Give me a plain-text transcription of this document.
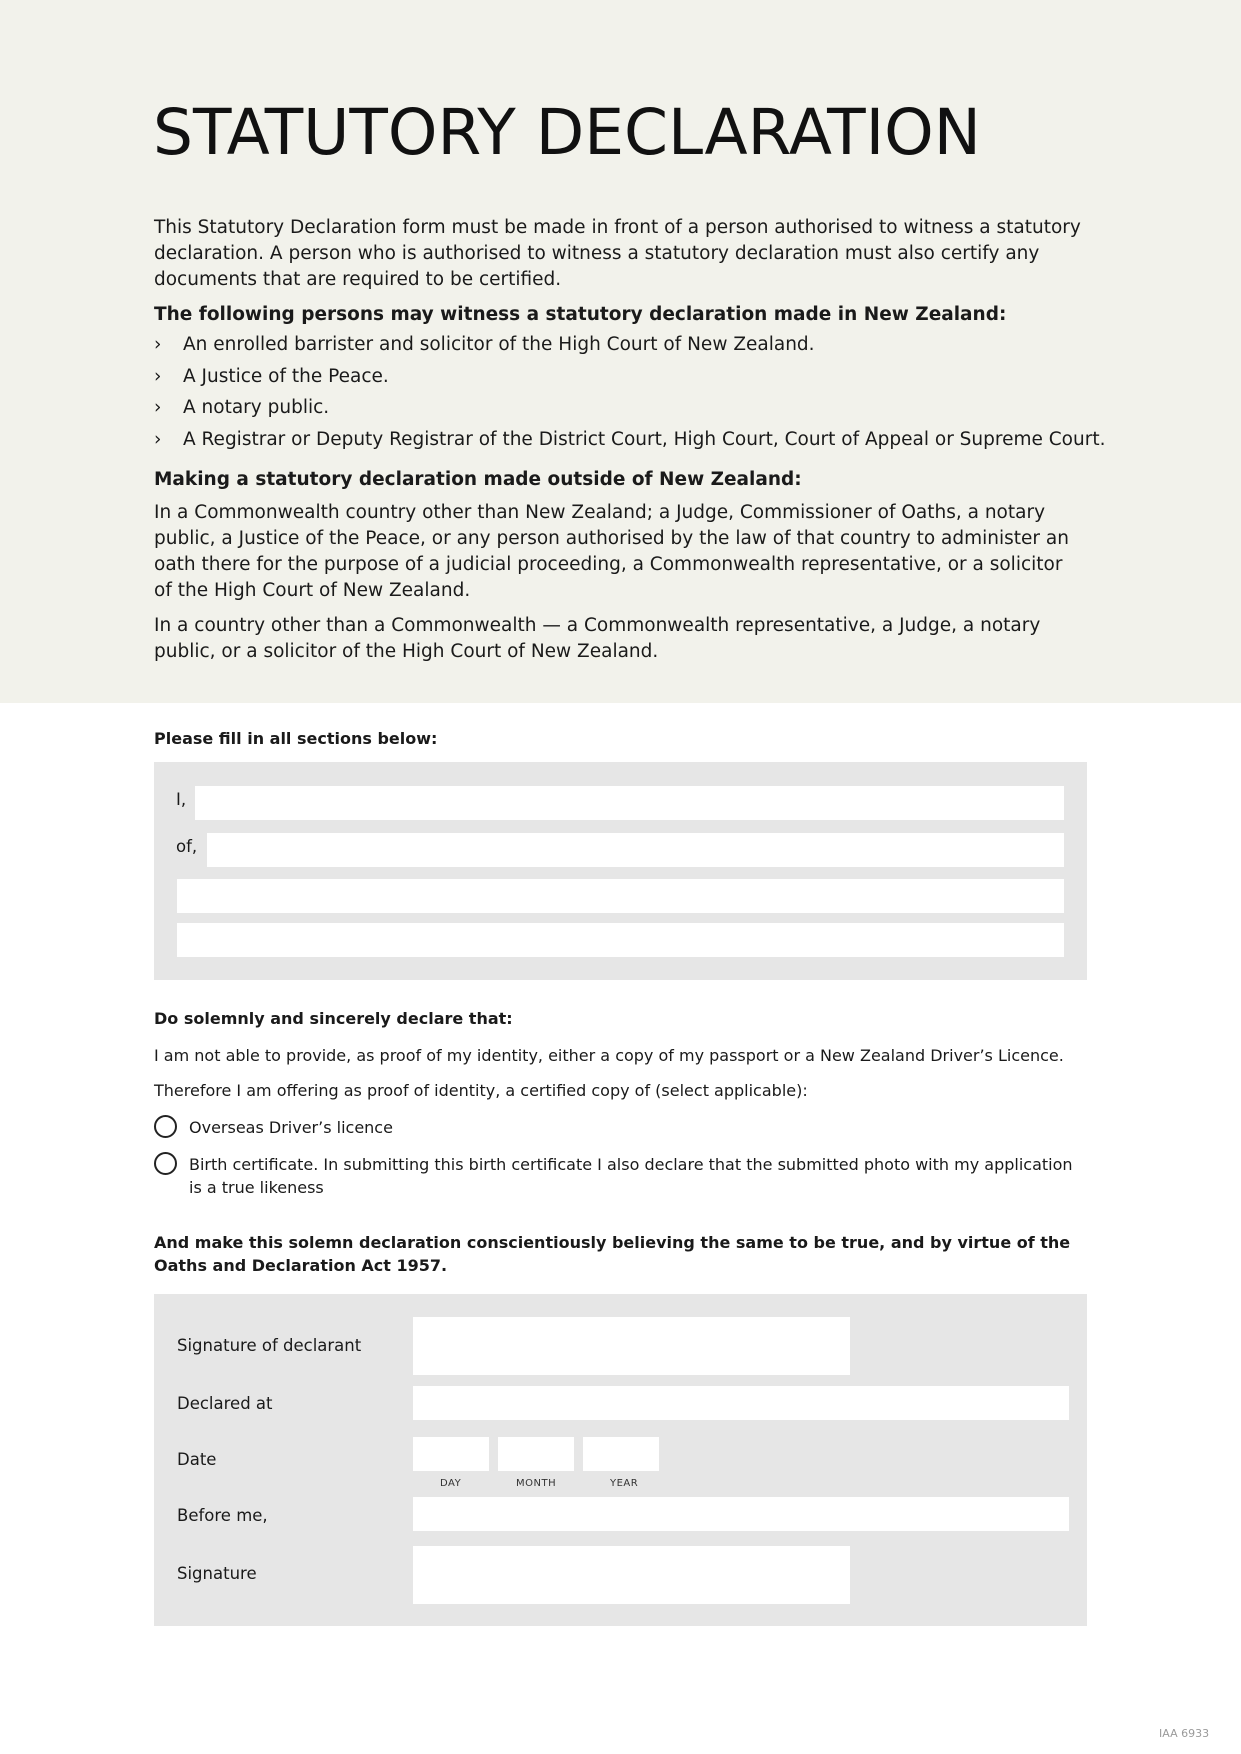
STATUTORY DECLARATION

This Statutory Declaration form must be made in front of a person authorised to witness a statutory declaration. A person who is authorised to witness a statutory declaration must also certify any documents that are required to be certified.

The following persons may witness a statutory declaration made in New Zealand:

› An enrolled barrister and solicitor of the High Court of New Zealand.
› A Justice of the Peace.
› A notary public.
› A Registrar or Deputy Registrar of the District Court, High Court, Court of Appeal or Supreme Court.

Making a statutory declaration made outside of New Zealand:

In a Commonwealth country other than New Zealand; a Judge, Commissioner of Oaths, a notary public, a Justice of the Peace, or any person authorised by the law of that country to administer an oath there for the purpose of a judicial proceeding, a Commonwealth representative, or a solicitor of the High Court of New Zealand.

In a country other than a Commonwealth — a Commonwealth representative, a Judge, a notary public, or a solicitor of the High Court of New Zealand.

Please fill in all sections below:

I,
of,

Do solemnly and sincerely declare that:

I am not able to provide, as proof of my identity, either a copy of my passport or a New Zealand Driver’s Licence.

Therefore I am offering as proof of identity, a certified copy of (select applicable):

Overseas Driver’s licence
Birth certificate. In submitting this birth certificate I also declare that the submitted photo with my application is a true likeness

And make this solemn declaration conscientiously believing the same to be true, and by virtue of the Oaths and Declaration Act 1957.

Signature of declarant
Declared at
Date
DAY	MONTH	YEAR
Before me,
Signature
IAA 6933
